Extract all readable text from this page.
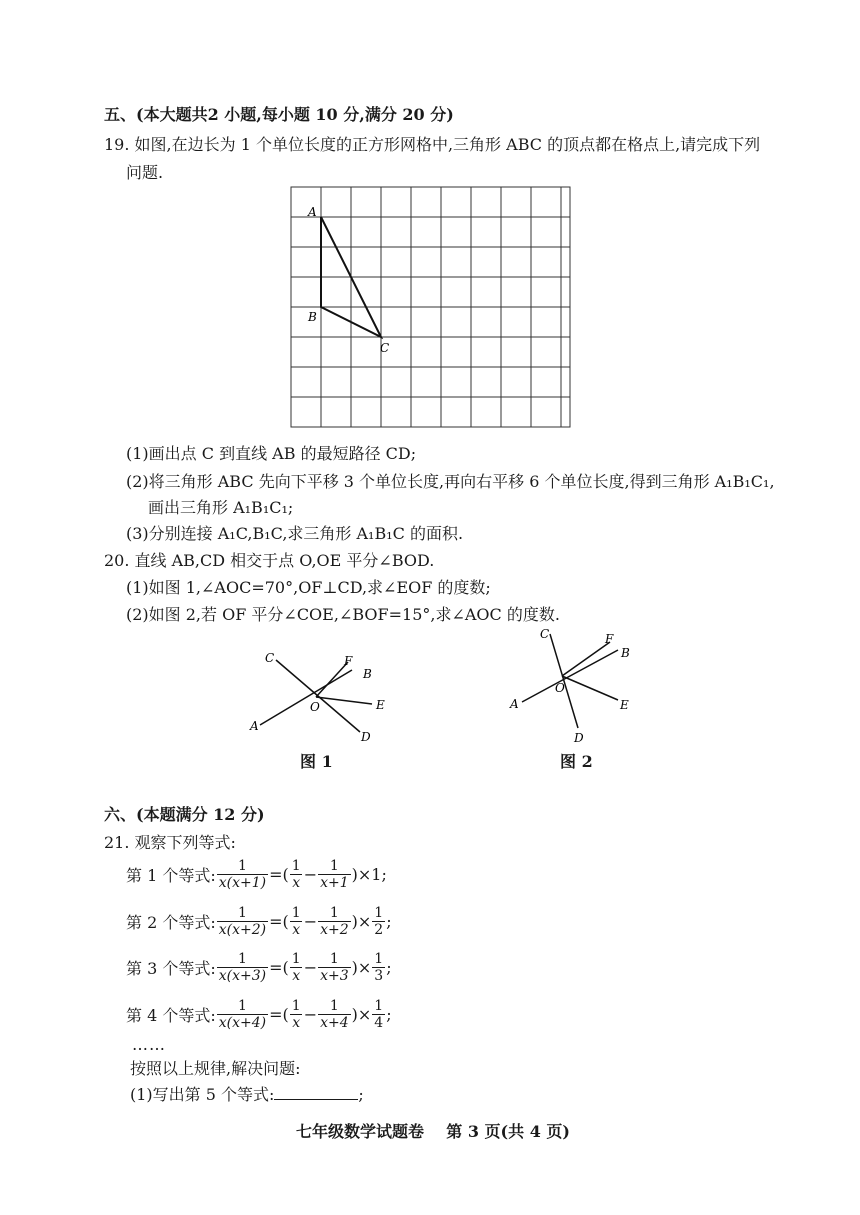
五、(本大题共2 小题,每小题 10 分,满分 20 分)
19. 如图,在边长为 1 个单位长度的正方形网格中,三角形 ABC 的顶点都在格点上,请完成下列
问题.
A
B
C
(1)画出点 C 到直线 AB 的最短路径 CD;
(2)将三角形 ABC 先向下平移 3 个单位长度,再向右平移 6 个单位长度,得到三角形 A₁B₁C₁,
画出三角形 A₁B₁C₁;
(3)分别连接 A₁C,B₁C,求三角形 A₁B₁C 的面积.
20. 直线 AB,CD 相交于点 O,OE 平分∠BOD.
(1)如图 1,∠AOC=70°,OF⊥CD,求∠EOF 的度数;
(2)如图 2,若 OF 平分∠COE,∠BOF=15°,求∠AOC 的度数.
C	F
B
O	E
A
D
图 1
C	F
B
O
A	E
D
图 2
六、(本题满分 12 分)
21. 观察下列等式:
第 1 个等式: $\frac{1}{x(x+1)}$ =( $\frac{1}{x} - \frac{1}{x+1} )\times 1$ ;
第 2 个等式: $\frac{1}{x(x+2)}$ =( $\frac{1}{x} - \frac{1}{x+2}$ )× $\frac{1}{2}$ ;
第 3 个等式: $\frac{1}{x(x+3)}$ =( $\frac{1}{x} - \frac{1}{x+3}$ )× $\frac{1}{3}$ ;
第 4 个等式: $\frac{1}{x(x+4)}$ =( $\frac{1}{x} - \frac{1}{x+4}$ )× $\frac{1}{4}$ ;
……
按照以上规律,解决问题:
(1)写出第 5 个等式:	;
七年级数学试题卷    第 3 页(共 4 页)
